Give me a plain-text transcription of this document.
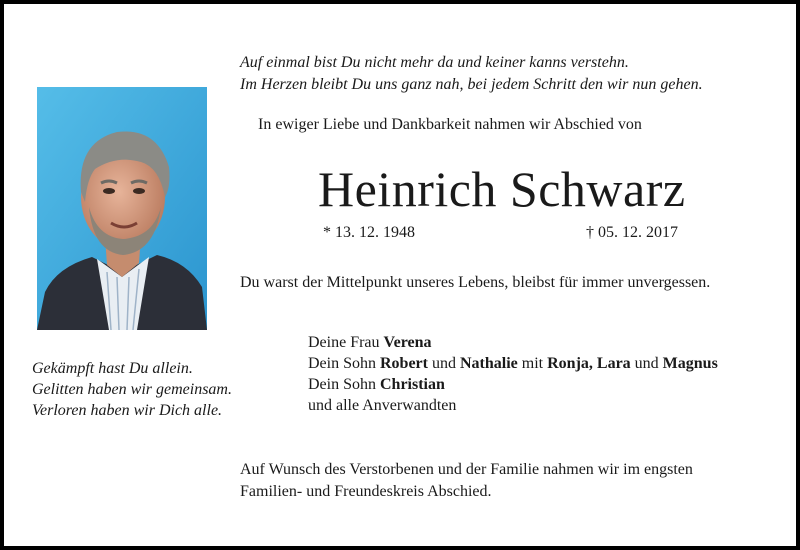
Auf einmal bist Du nicht mehr da und keiner kanns verstehn.
Im Herzen bleibt Du uns ganz nah, bei jedem Schritt den wir nun gehen.
In ewiger Liebe und Dankbarkeit nahmen wir Abschied von
Heinrich Schwarz
* 13. 12. 1948	† 05. 12. 2017
Du warst der Mittelpunkt unseres Lebens, bleibst für immer unvergessen.
Deine Frau Verena
Dein Sohn Robert und Nathalie mit Ronja, Lara und Magnus
Dein Sohn Christian
und alle Anverwandten
Gekämpft hast Du allein.
Gelitten haben wir gemeinsam.
Verloren haben wir Dich alle.
Auf Wunsch des Verstorbenen und der Familie nahmen wir im engsten
Familien- und Freundeskreis Abschied.
